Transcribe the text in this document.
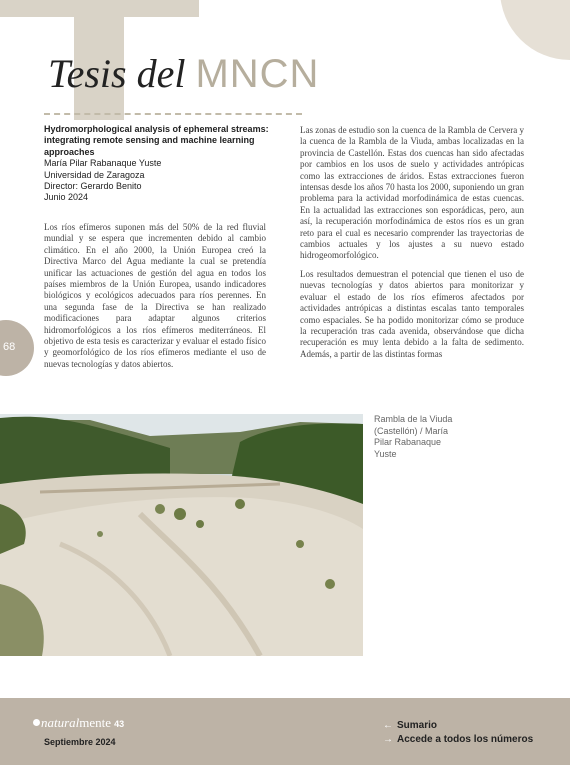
Tesis del MNCN
Hydromorphological analysis of ephemeral streams: integrating remote sensing and machine learning approaches
María Pilar Rabanaque Yuste
Universidad de Zaragoza
Director: Gerardo Benito
Junio 2024

Los ríos efímeros suponen más del 50% de la red fluvial mundial y se espera que incrementen debido al cambio climático. En el año 2000, la Unión Europea creó la Directiva Marco del Agua mediante la cual se pretendía unificar las actuaciones de gestión del agua en todos los países miembros de la Unión Europea, usando indicadores biológicos y ecológicos adecuados para ríos perennes. En una segunda fase de la Directiva se han realizado modificaciones para adaptar algunos criterios hidromorfológicos a los ríos efímeros mediterráneos. El objetivo de esta tesis es caracterizar y evaluar el estado físico y geomorfológico de los ríos efímeros mediante el uso de nuevas tecnologías y datos abiertos.

Las zonas de estudio son la cuenca de la Rambla de Cervera y la cuenca de la Rambla de la Viuda, ambas localizadas en la provincia de Castellón. Estas dos cuencas han sido afectadas por cambios en los usos de suelo y actividades antrópicas como las extracciones de áridos. Estas extracciones fueron intensas desde los años 70 hasta los 2000, suponiendo un gran problema para la actividad morfodinámica de estas cuencas. En la actualidad las extracciones son esporádicas, pero, aun así, la recuperación morfodinámica de estos ríos es un gran reto para el cual es necesario comprender las trayectorias de cambios actuales y los ajustes a su nuevo estado hidrogeomorfológico.

Los resultados demuestran el potencial que tienen el uso de nuevas tecnologías y datos abiertos para monitorizar y evaluar el estado de los ríos efímeros afectados por actividades antrópicas a distintas escalas tanto temporales como espaciales. Se ha podido monitorizar cómo se produce la recuperación tras cada avenida, observándose que dicha recuperación es muy lenta debido a la falta de sedimento. Además, a partir de las distintas formas

68
Rambla de la Viuda (Castellón) / María Pilar Rabanaque Yuste
naturalmente 43
Septiembre 2024
← Sumario
→ Accede a todos los números
